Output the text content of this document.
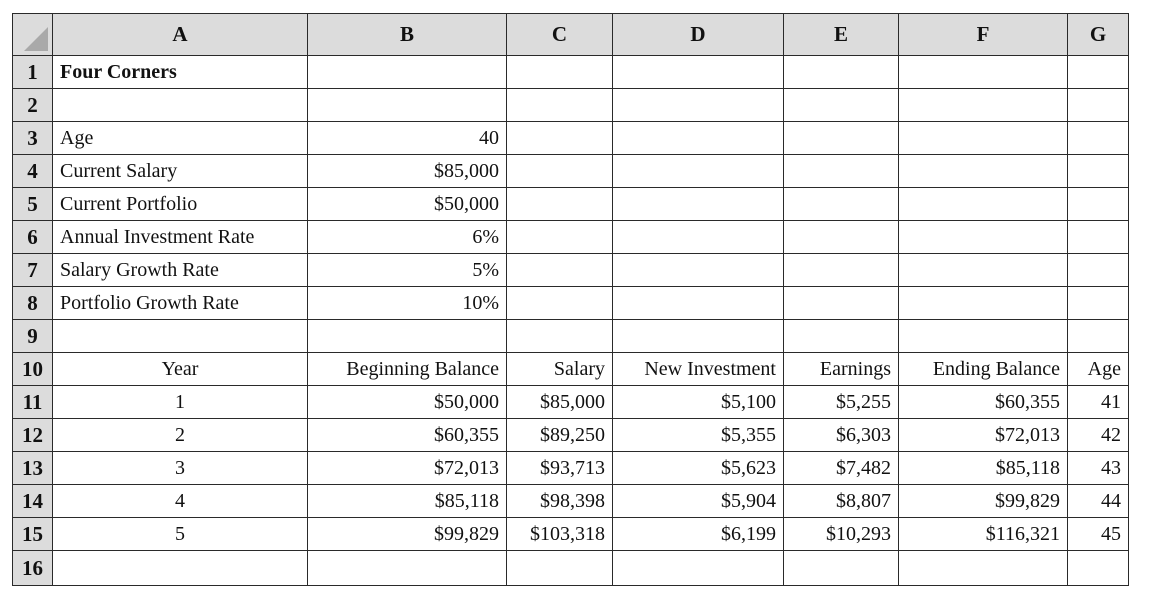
	A	B	C	D	E	F	G
1	Four Corners						
2							
3	Age	40					
4	Current Salary	$85,000					
5	Current Portfolio	$50,000					
6	Annual Investment Rate	6%					
7	Salary Growth Rate	5%					
8	Portfolio Growth Rate	10%					
9							
10	Year	Beginning Balance	Salary	New Investment	Earnings	Ending Balance	Age
11	1	$50,000	$85,000	$5,100	$5,255	$60,355	41
12	2	$60,355	$89,250	$5,355	$6,303	$72,013	42
13	3	$72,013	$93,713	$5,623	$7,482	$85,118	43
14	4	$85,118	$98,398	$5,904	$8,807	$99,829	44
15	5	$99,829	$103,318	$6,199	$10,293	$116,321	45
16							
